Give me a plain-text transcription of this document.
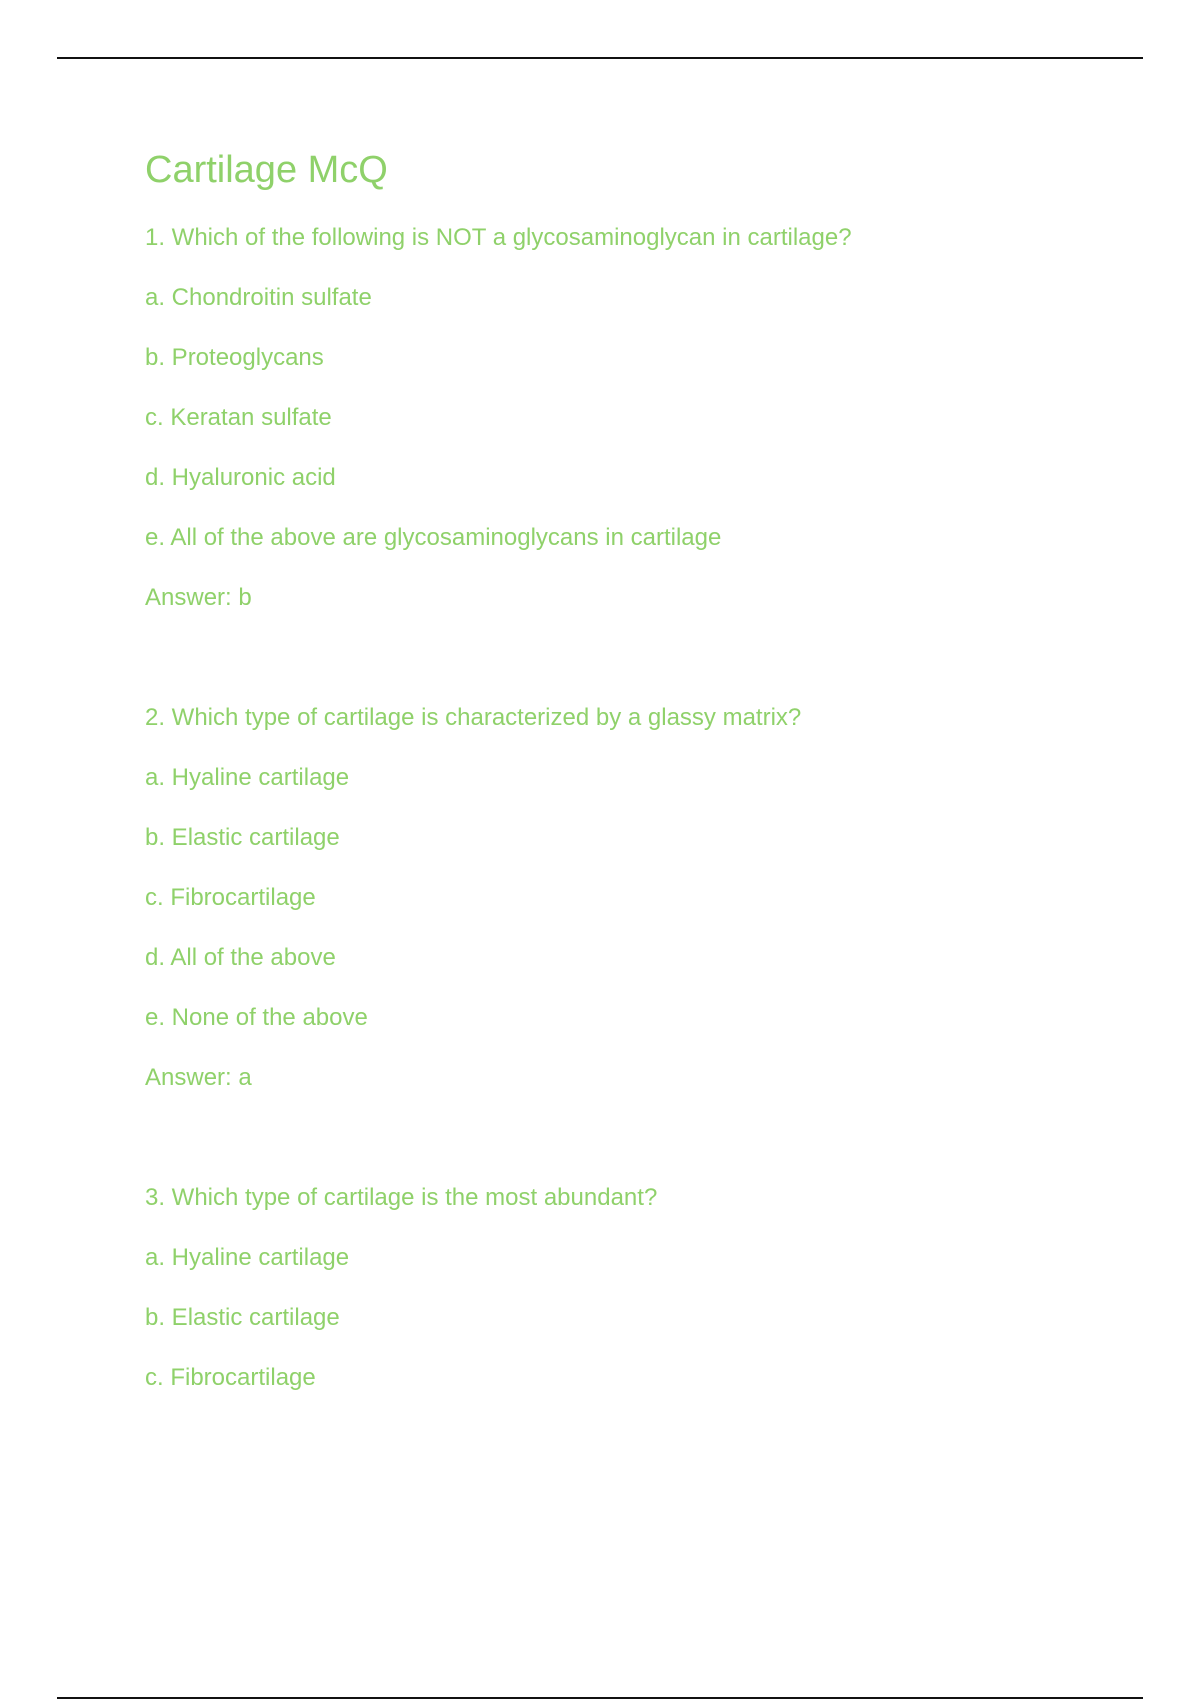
Cartilage McQ

1. Which of the following is NOT a glycosaminoglycan in cartilage?

a. Chondroitin sulfate

b. Proteoglycans

c. Keratan sulfate

d. Hyaluronic acid

e. All of the above are glycosaminoglycans in cartilage

Answer: b

2. Which type of cartilage is characterized by a glassy matrix?

a. Hyaline cartilage

b. Elastic cartilage

c. Fibrocartilage

d. All of the above

e. None of the above

Answer: a

3. Which type of cartilage is the most abundant?

a. Hyaline cartilage

b. Elastic cartilage

c. Fibrocartilage
